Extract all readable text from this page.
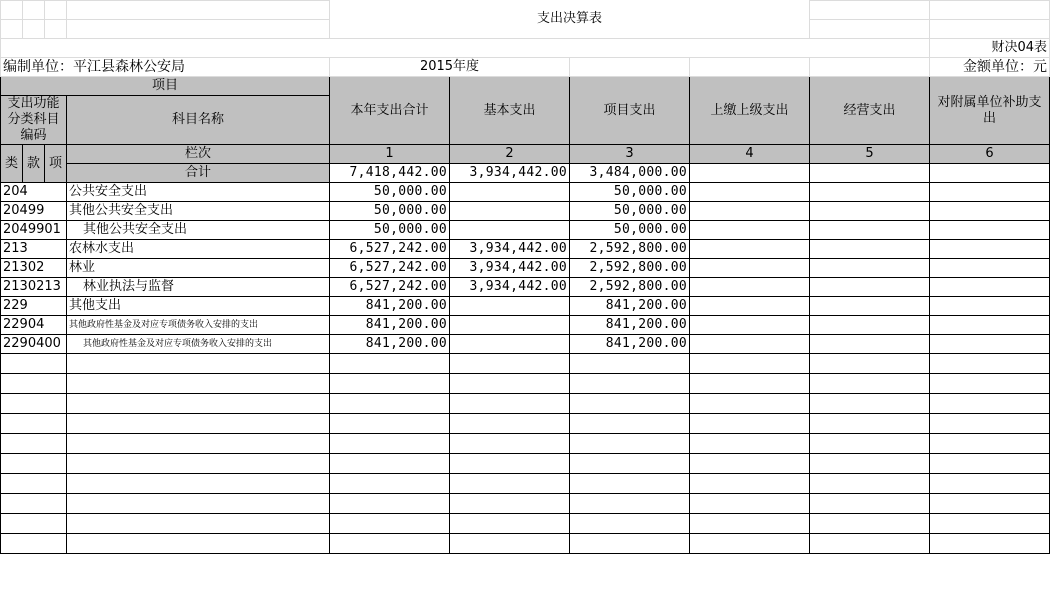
				支出决算表					

									财决04表
编制单位：平江县森林公安局				2015年度					金额单位：元
项目				本年支出合计	基本支出	项目支出	上缴上级支出	经营支出	对附属单位补助支出
支出功能分类科目编码			科目名称						

类	款	项	栏次	1	2	3	4	5	6
			合计	7,418,442.00	3,934,442.00	3,484,000.00			
204			公共安全支出	50,000.00		50,000.00			
20499			其他公共安全支出	50,000.00		50,000.00			
2049901			其他公共安全支出	50,000.00		50,000.00			
213			农林水支出	6,527,242.00	3,934,442.00	2,592,800.00			
21302			林业	6,527,242.00	3,934,442.00	2,592,800.00			
2130213			林业执法与监督	6,527,242.00	3,934,442.00	2,592,800.00			
229			其他支出	841,200.00		841,200.00			
22904			其他政府性基金及对应专项债务收入安排的支出	841,200.00		841,200.00			
2290400			其他政府性基金及对应专项债务收入安排的支出	841,200.00		841,200.00			
